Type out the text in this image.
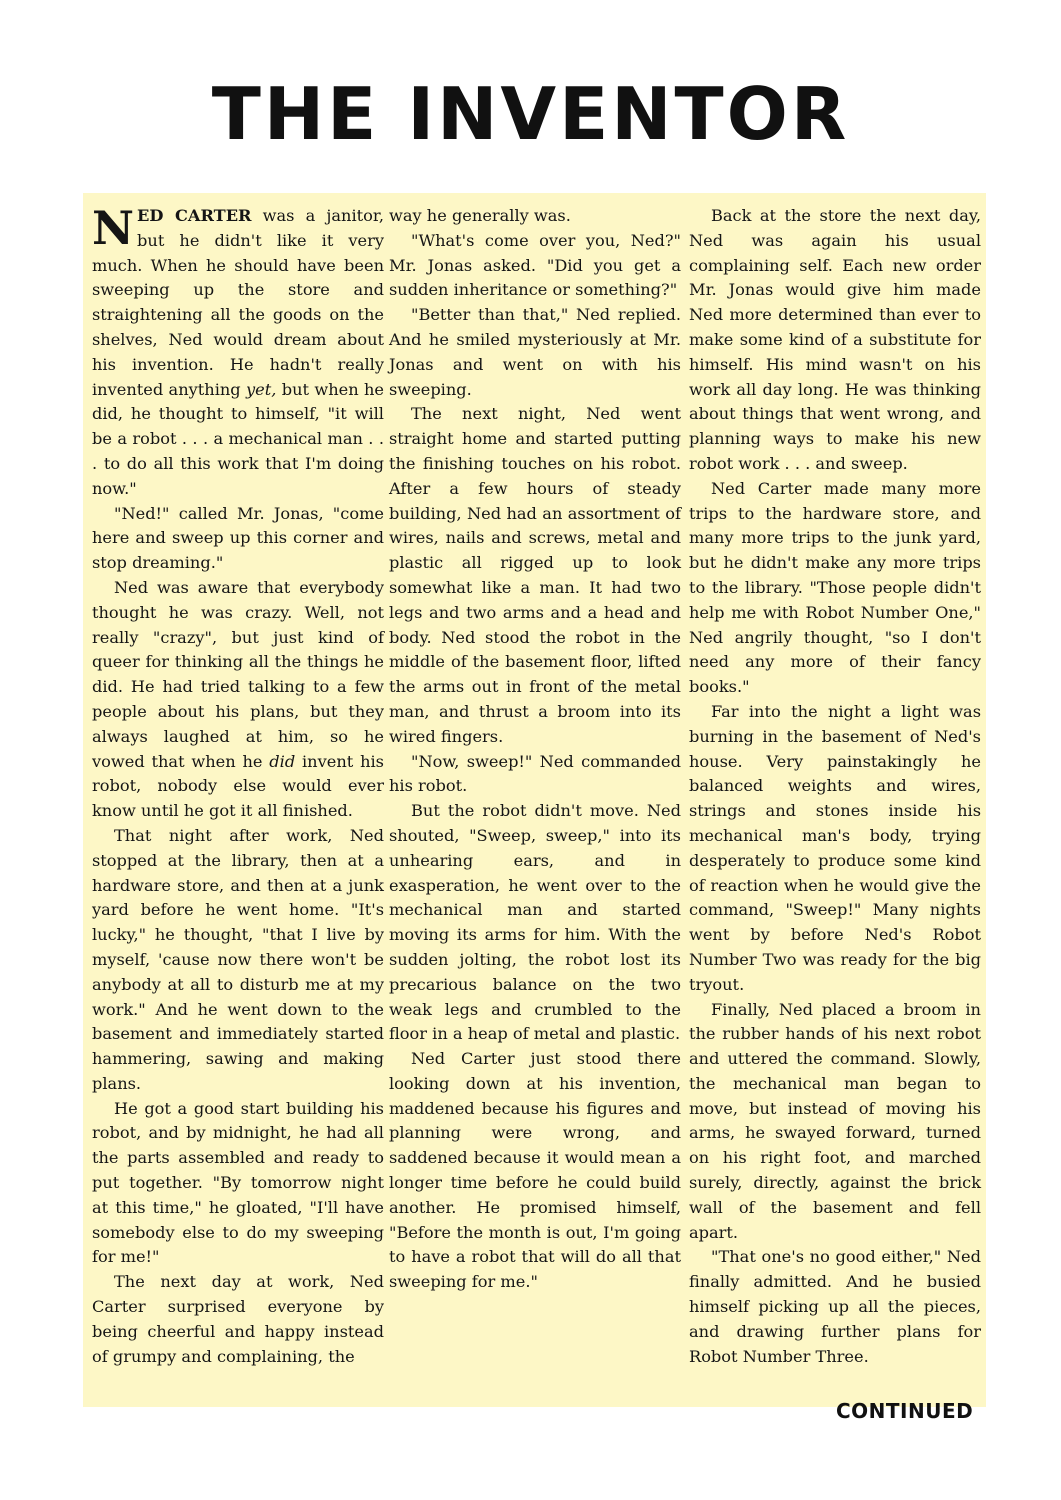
THE INVENTOR

NED CARTER was a janitor, but he didn't like it very much. When he should have been sweeping up the store and straightening all the goods on the shelves, Ned would dream about his invention. He hadn't really invented anything yet, but when he did, he thought to himself, "it will be a robot . . . a mechanical man . . . to do all this work that I'm doing now."

"Ned!" called Mr. Jonas, "come here and sweep up this corner and stop dreaming."

Ned was aware that everybody thought he was crazy. Well, not really "crazy", but just kind of queer for thinking all the things he did. He had tried talking to a few people about his plans, but they always laughed at him, so he vowed that when he did invent his robot, nobody else would ever know until he got it all finished.

That night after work, Ned stopped at the library, then at a hardware store, and then at a junk yard before he went home. "It's lucky," he thought, "that I live by myself, 'cause now there won't be anybody at all to disturb me at my work." And he went down to the basement and immediately started hammering, sawing and making plans.

He got a good start building his robot, and by midnight, he had all the parts assembled and ready to put together. "By tomorrow night at this time," he gloated, "I'll have somebody else to do my sweeping for me!"

The next day at work, Ned Carter surprised everyone by being cheerful and happy instead of grumpy and complaining, the

way he generally was.

"What's come over you, Ned?" Mr. Jonas asked. "Did you get a sudden inheritance or something?"

"Better than that," Ned replied. And he smiled mysteriously at Mr. Jonas and went on with his sweeping.

The next night, Ned went straight home and started putting the finishing touches on his robot. After a few hours of steady building, Ned had an assortment of wires, nails and screws, metal and plastic all rigged up to look somewhat like a man. It had two legs and two arms and a head and body. Ned stood the robot in the middle of the basement floor, lifted the arms out in front of the metal man, and thrust a broom into its wired fingers.

"Now, sweep!" Ned commanded his robot.

But the robot didn't move. Ned shouted, "Sweep, sweep," into its unhearing ears, and in exasperation, he went over to the mechanical man and started moving its arms for him. With the sudden jolting, the robot lost its precarious balance on the two weak legs and crumbled to the floor in a heap of metal and plastic.

Ned Carter just stood there looking down at his invention, maddened because his figures and planning were wrong, and saddened because it would mean a longer time before he could build another. He promised himself, "Before the month is out, I'm going to have a robot that will do all that sweeping for me."

Back at the store the next day, Ned was again his usual complaining self. Each new order Mr. Jonas would give him made Ned more determined than ever to make some kind of a substitute for himself. His mind wasn't on his work all day long. He was thinking about things that went wrong, and planning ways to make his new robot work . . . and sweep.

Ned Carter made many more trips to the hardware store, and many more trips to the junk yard, but he didn't make any more trips to the library. "Those people didn't help me with Robot Number One," Ned angrily thought, "so I don't need any more of their fancy books."

Far into the night a light was burning in the basement of Ned's house. Very painstakingly he balanced weights and wires, strings and stones inside his mechanical man's body, trying desperately to produce some kind of reaction when he would give the command, "Sweep!" Many nights went by before Ned's Robot Number Two was ready for the big tryout.

Finally, Ned placed a broom in the rubber hands of his next robot and uttered the command. Slowly, the mechanical man began to move, but instead of moving his arms, he swayed forward, turned on his right foot, and marched surely, directly, against the brick wall of the basement and fell apart.

"That one's no good either," Ned finally admitted. And he busied himself picking up all the pieces, and drawing further plans for Robot Number Three.

CONTINUED
